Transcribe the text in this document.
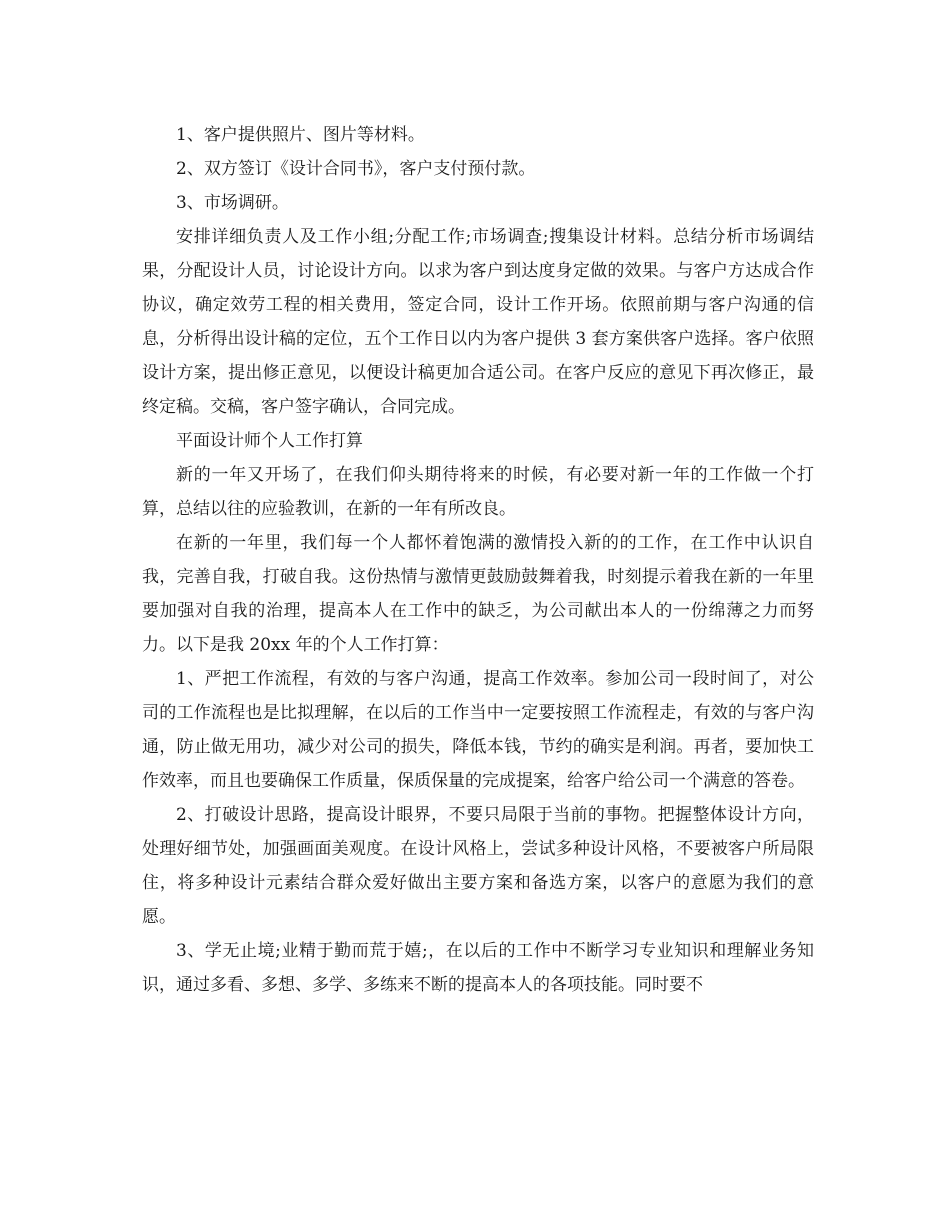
1、客户提供照片、图片等材料。

2、双方签订《设计合同书》，客户支付预付款。

3、市场调研。

安排详细负责人及工作小组;分配工作;市场调查;搜集设计材料。总结分析市场调结果，分配设计人员，讨论设计方向。以求为客户到达度身定做的效果。与客户方达成合作协议，确定效劳工程的相关费用，签定合同，设计工作开场。依照前期与客户沟通的信息，分析得出设计稿的定位，五个工作日以内为客户提供 3 套方案供客户选择。客户依照设计方案，提出修正意见，以便设计稿更加合适公司。在客户反应的意见下再次修正，最终定稿。交稿，客户签字确认，合同完成。

平面设计师个人工作打算

新的一年又开场了，在我们仰头期待将来的时候，有必要对新一年的工作做一个打算，总结以往的应验教训，在新的一年有所改良。

在新的一年里，我们每一个人都怀着饱满的激情投入新的的工作，在工作中认识自我，完善自我，打破自我。这份热情与激情更鼓励鼓舞着我，时刻提示着我在新的一年里要加强对自我的治理，提高本人在工作中的缺乏，为公司献出本人的一份绵薄之力而努力。以下是我 20xx 年的个人工作打算：

1、严把工作流程，有效的与客户沟通，提高工作效率。参加公司一段时间了，对公司的工作流程也是比拟理解，在以后的工作当中一定要按照工作流程走，有效的与客户沟通，防止做无用功，减少对公司的损失，降低本钱，节约的确实是利润。再者，要加快工作效率，而且也要确保工作质量，保质保量的完成提案，给客户给公司一个满意的答卷。

2、打破设计思路，提高设计眼界，不要只局限于当前的事物。把握整体设计方向，处理好细节处，加强画面美观度。在设计风格上，尝试多种设计风格，不要被客户所局限住，将多种设计元素结合群众爱好做出主要方案和备选方案，以客户的意愿为我们的意愿。

3、学无止境;业精于勤而荒于嬉;，在以后的工作中不断学习专业知识和理解业务知识，通过多看、多想、多学、多练来不断的提高本人的各项技能。同时要不
